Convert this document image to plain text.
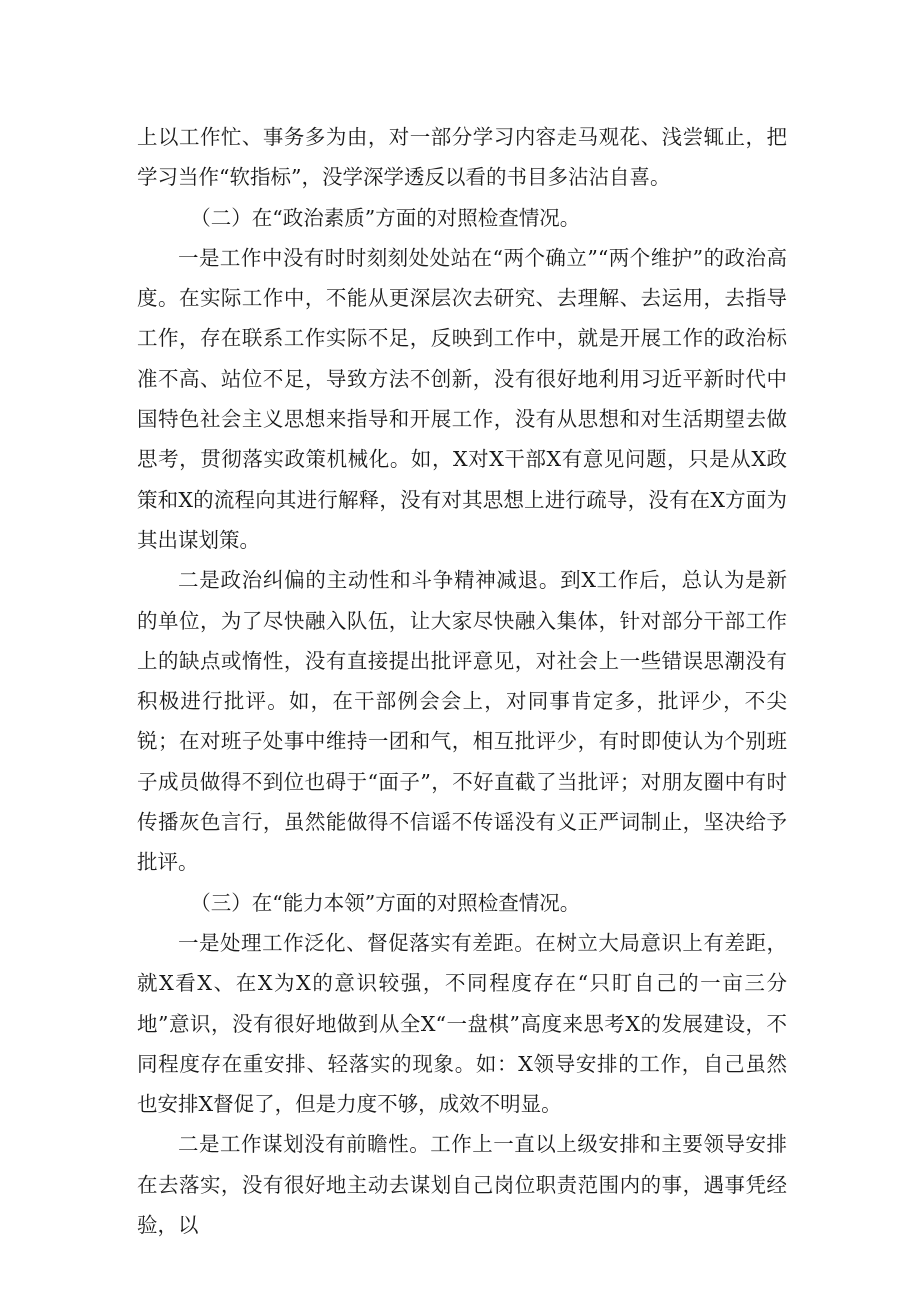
上以工作忙、事务多为由，对一部分学习内容走马观花、浅尝辄止，把学习当作“软指标”，没学深学透反以看的书目多沾沾自喜。

（二）在“政治素质”方面的对照检查情况。

一是工作中没有时时刻刻处处站在“两个确立”“两个维护”的政治高度。在实际工作中，不能从更深层次去研究、去理解、去运用，去指导工作，存在联系工作实际不足，反映到工作中，就是开展工作的政治标准不高、站位不足，导致方法不创新，没有很好地利用习近平新时代中国特色社会主义思想来指导和开展工作，没有从思想和对生活期望去做思考，贯彻落实政策机械化。如，X对X干部X有意见问题，只是从X政策和X的流程向其进行解释，没有对其思想上进行疏导，没有在X方面为其出谋划策。

二是政治纠偏的主动性和斗争精神减退。到X工作后，总认为是新的单位，为了尽快融入队伍，让大家尽快融入集体，针对部分干部工作上的缺点或惰性，没有直接提出批评意见，对社会上一些错误思潮没有积极进行批评。如，在干部例会会上，对同事肯定多，批评少，不尖锐；在对班子处事中维持一团和气，相互批评少，有时即使认为个别班子成员做得不到位也碍于“面子”，不好直截了当批评；对朋友圈中有时传播灰色言行，虽然能做得不信谣不传谣没有义正严词制止，坚决给予批评。

（三）在“能力本领”方面的对照检查情况。

一是处理工作泛化、督促落实有差距。在树立大局意识上有差距，就X看X、在X为X的意识较强，不同程度存在“只盯自己的一亩三分地”意识，没有很好地做到从全X“一盘棋”高度来思考X的发展建设，不同程度存在重安排、轻落实的现象。如：X领导安排的工作，自己虽然也安排X督促了，但是力度不够，成效不明显。

二是工作谋划没有前瞻性。工作上一直以上级安排和主要领导安排在去落实，没有很好地主动去谋划自己岗位职责范围内的事，遇事凭经验，以
